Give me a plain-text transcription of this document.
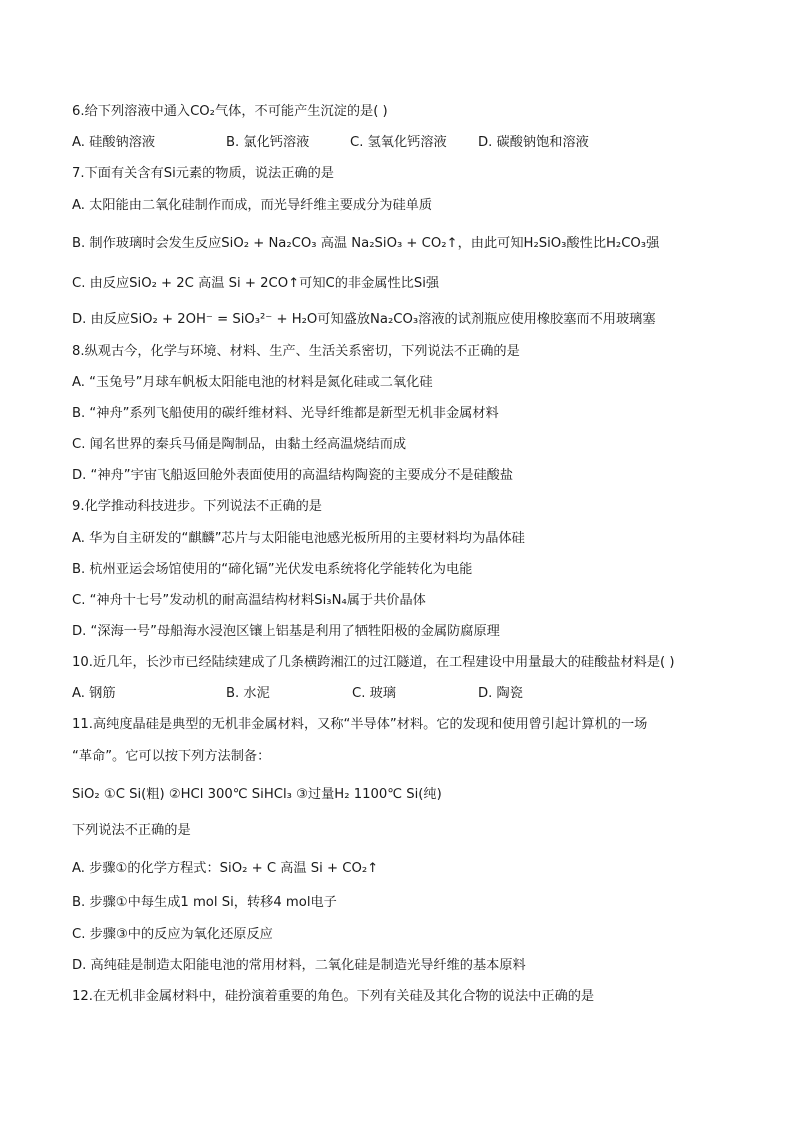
6.给下列溶液中通入CO₂气体，不可能产生沉淀的是( )
A. 硅酸钠溶液	B. 氯化钙溶液	C. 氢氧化钙溶液 D. 碳酸钠饱和溶液
7.下面有关含有Si元素的物质，说法正确的是
A. 太阳能由二氧化硅制作而成，而光导纤维主要成分为硅单质
B. 制作玻璃时会发生反应SiO₂ + Na₂CO₃ 高温 Na₂SiO₃ + CO₂↑，由此可知H₂SiO₃酸性比H₂CO₃强
C. 由反应SiO₂ + 2C 高温 Si + 2CO↑可知C的非金属性比Si强
D. 由反应SiO₂ + 2OH⁻ = SiO₃²⁻ + H₂O可知盛放Na₂CO₃溶液的试剂瓶应使用橡胶塞而不用玻璃塞
8.纵观古今，化学与环境、材料、生产、生活关系密切，下列说法不正确的是
A. “玉兔号”月球车帆板太阳能电池的材料是氮化硅或二氧化硅
B. “神舟”系列飞船使用的碳纤维材料、光导纤维都是新型无机非金属材料
C. 闻名世界的秦兵马俑是陶制品，由黏土经高温烧结而成
D. “神舟”宇宙飞船返回舱外表面使用的高温结构陶瓷的主要成分不是硅酸盐
9.化学推动科技进步。下列说法不正确的是
A. 华为自主研发的“麒麟”芯片与太阳能电池感光板所用的主要材料均为晶体硅
B. 杭州亚运会场馆使用的“碲化镉”光伏发电系统将化学能转化为电能
C. “神舟十七号”发动机的耐高温结构材料Si₃N₄属于共价晶体
D. “深海一号”母船海水浸泡区镶上铝基是利用了牺牲阳极的金属防腐原理
10.近几年，长沙市已经陆续建成了几条横跨湘江的过江隧道，在工程建设中用量最大的硅酸盐材料是( )
A. 钢筋	B. 水泥	C. 玻璃	D. 陶瓷
11.高纯度晶硅是典型的无机非金属材料，又称“半导体”材料。它的发现和使用曾引起计算机的一场
“革命”。它可以按下列方法制备：
SiO₂ ①C Si(粗) ②HCl 300℃ SiHCl₃ ③过量H₂ 1100℃ Si(纯)
下列说法不正确的是
A. 步骤①的化学方程式：SiO₂ + C 高温 Si + CO₂↑
B. 步骤①中每生成1 mol Si，转移4 mol电子
C. 步骤③中的反应为氧化还原反应
D. 高纯硅是制造太阳能电池的常用材料，二氧化硅是制造光导纤维的基本原料
12.在无机非金属材料中，硅扮演着重要的角色。下列有关硅及其化合物的说法中正确的是
